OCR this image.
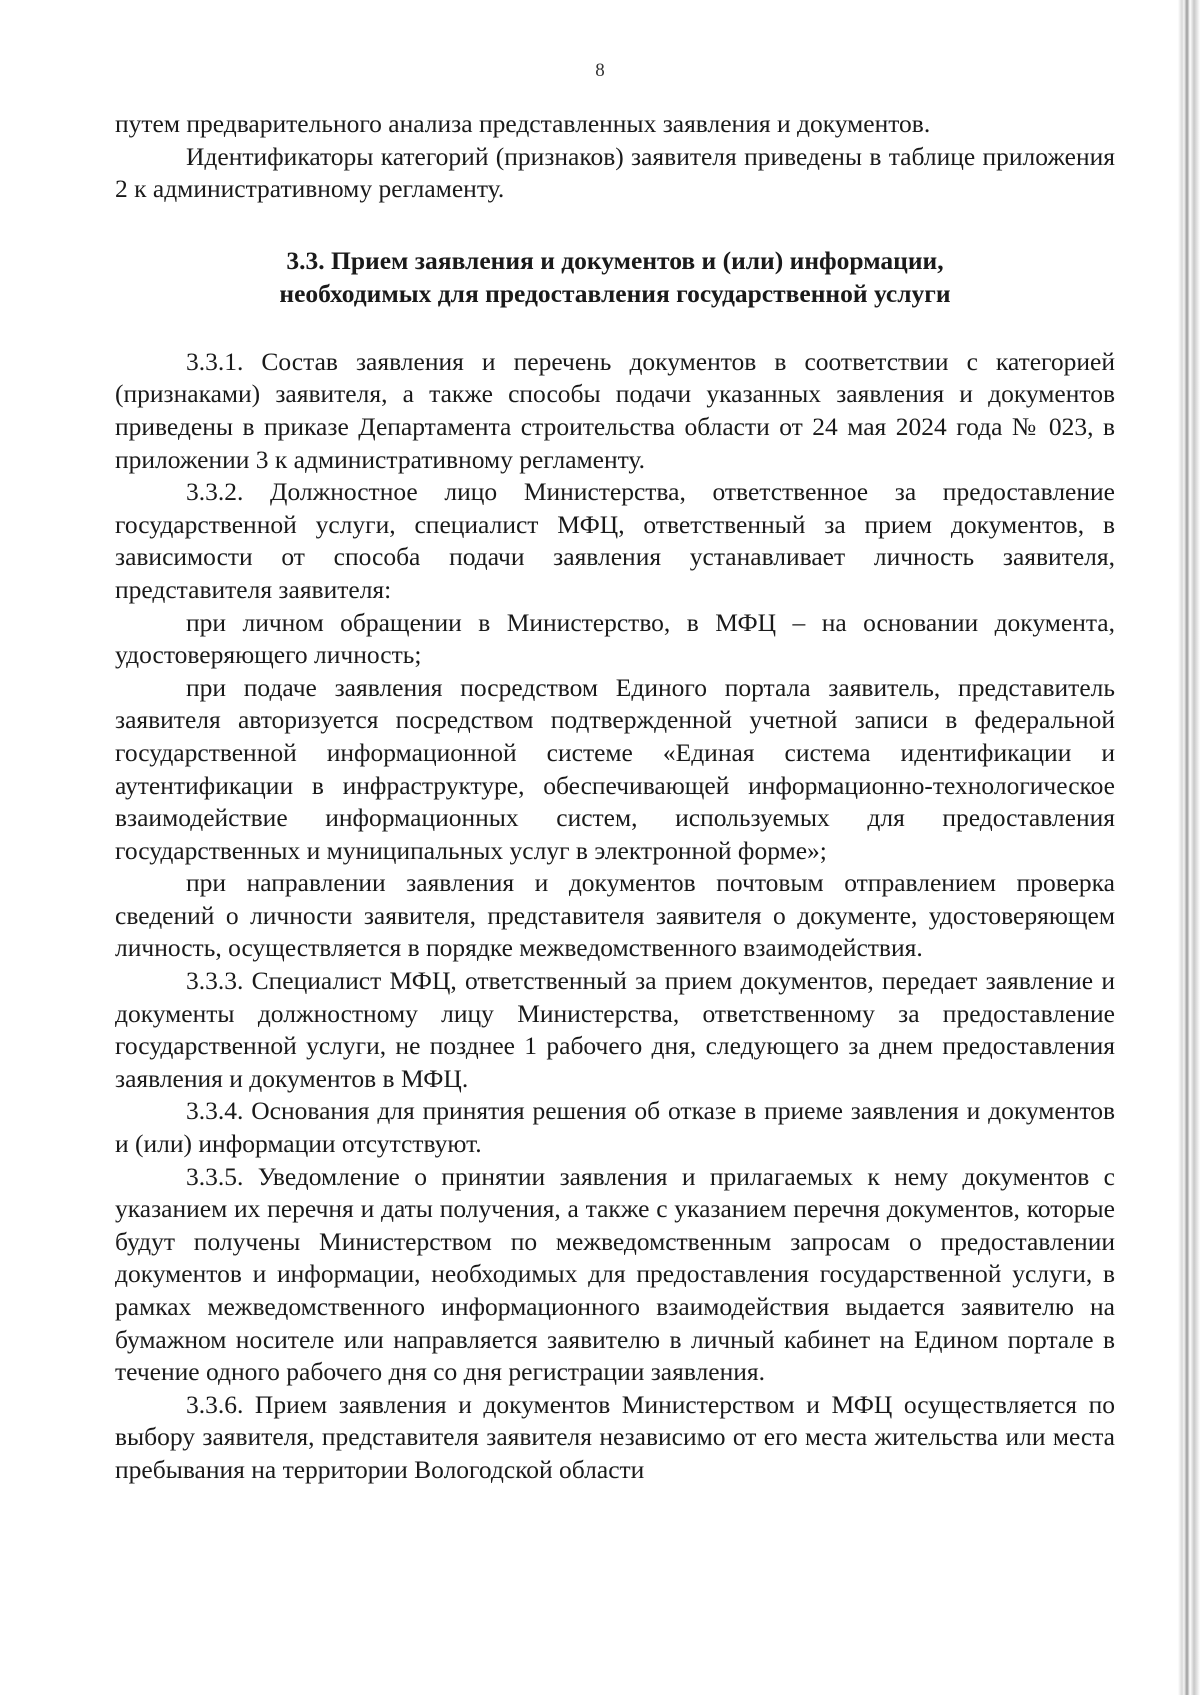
8

путем предварительного анализа представленных заявления и документов.

Идентификаторы категорий (признаков) заявителя приведены в таблице приложения 2 к административному регламенту.

3.3. Прием заявления и документов и (или) информации,
необходимых для предоставления государственной услуги

3.3.1. Состав заявления и перечень документов в соответствии с категорией (признаками) заявителя, а также способы подачи указанных заявления и документов приведены в приказе Департамента строительства области от 24 мая 2024 года № 023, в приложении 3 к административному регламенту.

3.3.2. Должностное лицо Министерства, ответственное за предоставление государственной услуги, специалист МФЦ, ответственный за прием документов, в зависимости от способа подачи заявления устанавливает личность заявителя, представителя заявителя:

при личном обращении в Министерство, в МФЦ – на основании документа, удостоверяющего личность;

при подаче заявления посредством Единого портала заявитель, представитель заявителя авторизуется посредством подтвержденной учетной записи в федеральной государственной информационной системе «Единая система идентификации и аутентификации в инфраструктуре, обеспечивающей информационно-технологическое взаимодействие информационных систем, используемых для предоставления государственных и муниципальных услуг в электронной форме»;

при направлении заявления и документов почтовым отправлением проверка сведений о личности заявителя, представителя заявителя о документе, удостоверяющем личность, осуществляется в порядке межведомственного взаимодействия.

3.3.3. Специалист МФЦ, ответственный за прием документов, передает заявление и документы должностному лицу Министерства, ответственному за предоставление государственной услуги, не позднее 1 рабочего дня, следующего за днем предоставления заявления и документов в МФЦ.

3.3.4. Основания для принятия решения об отказе в приеме заявления и документов и (или) информации отсутствуют.

3.3.5. Уведомление о принятии заявления и прилагаемых к нему документов с указанием их перечня и даты получения, а также с указанием перечня документов, которые будут получены Министерством по межведомственным запросам о предоставлении документов и информации, необходимых для предоставления государственной услуги, в рамках межведомственного информационного взаимодействия выдается заявителю на бумажном носителе или направляется заявителю в личный кабинет на Едином портале в течение одного рабочего дня со дня регистрации заявления.

3.3.6. Прием заявления и документов Министерством и МФЦ осуществляется по выбору заявителя, представителя заявителя независимо от его места жительства или места пребывания на территории Вологодской области
